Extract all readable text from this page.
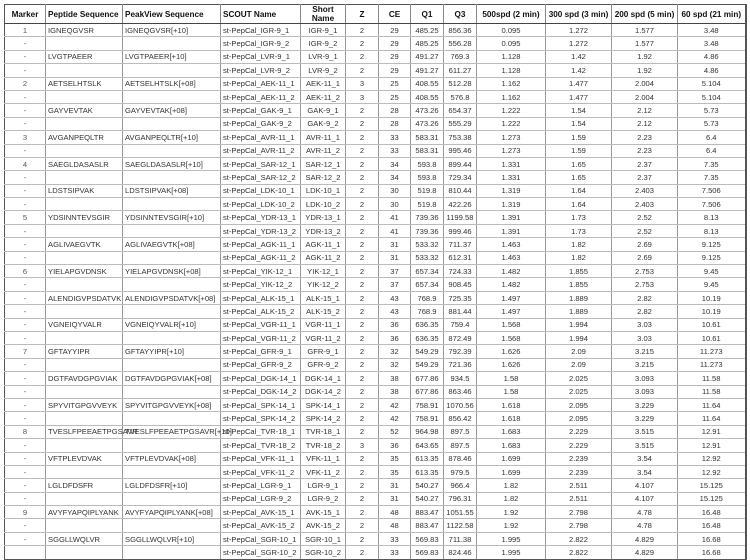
Marker	Peptide Sequence	PeakView Sequence	SCOUT Name	Short Name	Z	CE	Q1	Q3	500spd (2 min)	300 spd (3 min)	200 spd (5 min)	60 spd (21 min)
1	IGNEQGVSR	IGNEQGVSR[+10]	st-PepCal_IGR-9_1	IGR-9_1	2	29	485.25	856.36	0.095	1.272	1.577	3.48
-			st-PepCal_IGR-9_2	IGR-9_2	2	29	485.25	556.28	0.095	1.272	1.577	3.48
-	LVGTPAEER	LVGTPAEER[+10]	st-PepCal_LVR-9_1	LVR-9_1	2	29	491.27	769.3	1.128	1.42	1.92	4.86
-			st-PepCal_LVR-9_2	LVR-9_2	2	29	491.27	611.27	1.128	1.42	1.92	4.86
2	AETSELHTSLK	AETSELHTSLK[+08]	st-PepCal_AEK-11_1	AEK-11_1	3	25	408.55	512.28	1.162	1.477	2.004	5.104
-			st-PepCal_AEK-11_2	AEK-11_2	3	25	408.55	576.8	1.162	1.477	2.004	5.104
-	GAYVEVTAK	GAYVEVTAK[+08]	st-PepCal_GAK-9_1	GAK-9_1	2	28	473.26	654.37	1.222	1.54	2.12	5.73
-			st-PepCal_GAK-9_2	GAK-9_2	2	28	473.26	555.29	1.222	1.54	2.12	5.73
3	AVGANPEQLTR	AVGANPEQLTR[+10]	st-PepCal_AVR-11_1	AVR-11_1	2	33	583.31	753.38	1.273	1.59	2.23	6.4
-			st-PepCal_AVR-11_2	AVR-11_2	2	33	583.31	995.46	1.273	1.59	2.23	6.4
4	SAEGLDASASLR	SAEGLDASASLR[+10]	st-PepCal_SAR-12_1	SAR-12_1	2	34	593.8	899.44	1.331	1.65	2.37	7.35
-			st-PepCal_SAR-12_2	SAR-12_2	2	34	593.8	729.34	1.331	1.65	2.37	7.35
-	LDSTSIPVAK	LDSTSIPVAK[+08]	st-PepCal_LDK-10_1	LDK-10_1	2	30	519.8	810.44	1.319	1.64	2.403	7.506
-			st-PepCal_LDK-10_2	LDK-10_2	2	30	519.8	422.26	1.319	1.64	2.403	7.506
5	YDSINNTEVSGIR	YDSINNTEVSGIR[+10]	st-PepCal_YDR-13_1	YDR-13_1	2	41	739.36	1199.58	1.391	1.73	2.52	8.13
-			st-PepCal_YDR-13_2	YDR-13_2	2	41	739.36	999.46	1.391	1.73	2.52	8.13
-	AGLIVAEGVTK	AGLIVAEGVTK[+08]	st-PepCal_AGK-11_1	AGK-11_1	2	31	533.32	711.37	1.463	1.82	2.69	9.125
-			st-PepCal_AGK-11_2	AGK-11_2	2	31	533.32	612.31	1.463	1.82	2.69	9.125
6	YIELAPGVDNSK	YIELAPGVDNSK[+08]	st-PepCal_YIK-12_1	YIK-12_1	2	37	657.34	724.33	1.482	1.855	2.753	9.45
-			st-PepCal_YIK-12_2	YIK-12_2	2	37	657.34	908.45	1.482	1.855	2.753	9.45
-	ALENDIGVPSDATVK	ALENDIGVPSDATVK[+08]	st-PepCal_ALK-15_1	ALK-15_1	2	43	768.9	725.35	1.497	1.889	2.82	10.19
-			st-PepCal_ALK-15_2	ALK-15_2	2	43	768.9	881.44	1.497	1.889	2.82	10.19
-	VGNEIQYVALR	VGNEIQYVALR[+10]	st-PepCal_VGR-11_1	VGR-11_1	2	36	636.35	759.4	1.568	1.994	3.03	10.61
-			st-PepCal_VGR-11_2	VGR-11_2	2	36	636.35	872.49	1.568	1.994	3.03	10.61
7	GFTAYYIPR	GFTAYYIPR[+10]	st-PepCal_GFR-9_1	GFR-9_1	2	32	549.29	792.39	1.626	2.09	3.215	11.273
-			st-PepCal_GFR-9_2	GFR-9_2	2	32	549.29	721.36	1.626	2.09	3.215	11.273
-	DGTFAVDGPGVIAK	DGTFAVDGPGVIAK[+08]	st-PepCal_DGK-14_1	DGK-14_1	2	38	677.86	934.5	1.58	2.025	3.093	11.58
-			st-PepCal_DGK-14_2	DGK-14_2	2	38	677.86	863.46	1.58	2.025	3.093	11.58
-	SPYVITGPGVVEYK	SPYVITGPGVVEYK[+08]	st-PepCal_SPK-14_1	SPK-14_1	2	42	758.91	1070.56	1.618	2.095	3.229	11.64
-			st-PepCal_SPK-14_2	SPK-14_2	2	42	758.91	856.42	1.618	2.095	3.229	11.64
8	TVESLFPEEAETPGSAVR	TVESLFPEEAETPGSAVR[+10]	st-PepCal_TVR-18_1	TVR-18_1	2	52	964.98	897.5	1.683	2.229	3.515	12.91
-			st-PepCal_TVR-18_2	TVR-18_2	3	36	643.65	897.5	1.683	2.229	3.515	12.91
-	VFTPLEVDVAK	VFTPLEVDVAK[+08]	st-PepCal_VFK-11_1	VFK-11_1	2	35	613.35	878.46	1.699	2.239	3.54	12.92
-			st-PepCal_VFK-11_2	VFK-11_2	2	35	613.35	979.5	1.699	2.239	3.54	12.92
-	LGLDFDSFR	LGLDFDSFR[+10]	st-PepCal_LGR-9_1	LGR-9_1	2	31	540.27	966.4	1.82	2.511	4.107	15.125
-			st-PepCal_LGR-9_2	LGR-9_2	2	31	540.27	796.31	1.82	2.511	4.107	15.125
9	AVYFYAPQIPLYANK	AVYFYAPQIPLYANK[+08]	st-PepCal_AVK-15_1	AVK-15_1	2	48	883.47	1051.55	1.92	2.798	4.78	16.48
-			st-PepCal_AVK-15_2	AVK-15_2	2	48	883.47	1122.58	1.92	2.798	4.78	16.48
-	SGGLLWQLVR	SGGLLWQLVR[+10]	st-PepCal_SGR-10_1	SGR-10_1	2	33	569.83	711.38	1.995	2.822	4.829	16.68
			st-PepCal_SGR-10_2	SGR-10_2	2	33	569.83	824.46	1.995	2.822	4.829	16.68
